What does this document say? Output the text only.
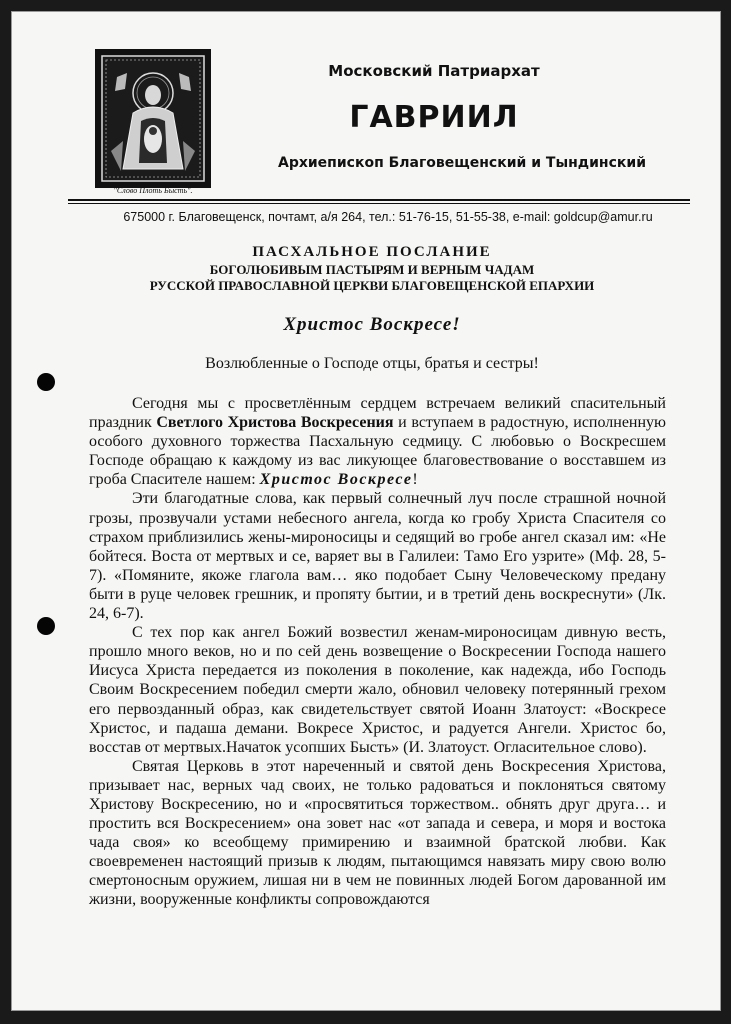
"Слово Плоть Бысть".
Московский Патриархат
ГАВРИИЛ
Архиепископ Благовещенский и Тындинский
675000 г. Благовещенск, почтамт, а/я 264, тел.: 51-76-15, 51-55-38, e-mail: goldcup@amur.ru
ПАСХАЛЬНОЕ ПОСЛАНИЕ
БОГОЛЮБИВЫМ ПАСТЫРЯМ И ВЕРНЫМ ЧАДАМ
РУССКОЙ ПРАВОСЛАВНОЙ ЦЕРКВИ БЛАГОВЕЩЕНСКОЙ ЕПАРХИИ
Христос Воскресе!
Возлюбленные о Господе отцы, братья и сестры!

Сегодня мы с просветлённым сердцем встречаем великий спасительный праздник Светлого Христова Воскресения и вступаем в радостную, исполненную особого духовного торжества Пасхальную седмицу. С любовью о Воскресшем Господе обращаю к каждому из вас ликующее благовествование о восставшем из гроба Спасителе нашем: Христос Воскресе!

Эти благодатные слова, как первый солнечный луч после страшной ночной грозы, прозвучали устами небесного ангела, когда ко гробу Христа Спасителя со страхом приблизились жены-мироносицы и седящий во гробе ангел сказал им: «Не бойтеся. Воста от мертвых и се, варяет вы в Галилеи: Тамо Его узрите» (Мф. 28, 5-7). «Помяните, якоже глагола вам… яко подобает Сыну Человеческому предану быти в руце человек грешник, и пропяту бытии, и в третий день воскреснути» (Лк. 24, 6-7).

С тех пор как ангел Божий возвестил женам-мироносицам дивную весть, прошло много веков, но и по сей день возвещение о Воскресении Господа нашего Иисуса Христа передается из поколения в поколение, как надежда, ибо Господь Своим Воскресением победил смерти жало, обновил человеку потерянный грехом его первозданный образ, как свидетельствует святой Иоанн Златоуст: «Воскресе Христос, и падаша демани. Вокресе Христос, и радуется Ангели. Христос бо, восстав от мертвых.Начаток усопших Бысть» (И. Златоуст. Огласительное слово).

Святая Церковь в этот нареченный и святой день Воскресения Христова, призывает нас, верных чад своих, не только радоваться и поклоняться святому Христову Воскресению, но и «просвятиться торжеством.. обнять друг друга… и простить вся Воскресением» она зовет нас «от запада и севера, и моря и востока чада своя» ко всеобщему примирению и взаимной братской любви. Как своевременен настоящий призыв к людям, пытающимся навязать миру свою волю смертоносным оружием, лишая ни в чем не повинных людей Богом дарованной им жизни, вооруженные конфликты сопровождаются
